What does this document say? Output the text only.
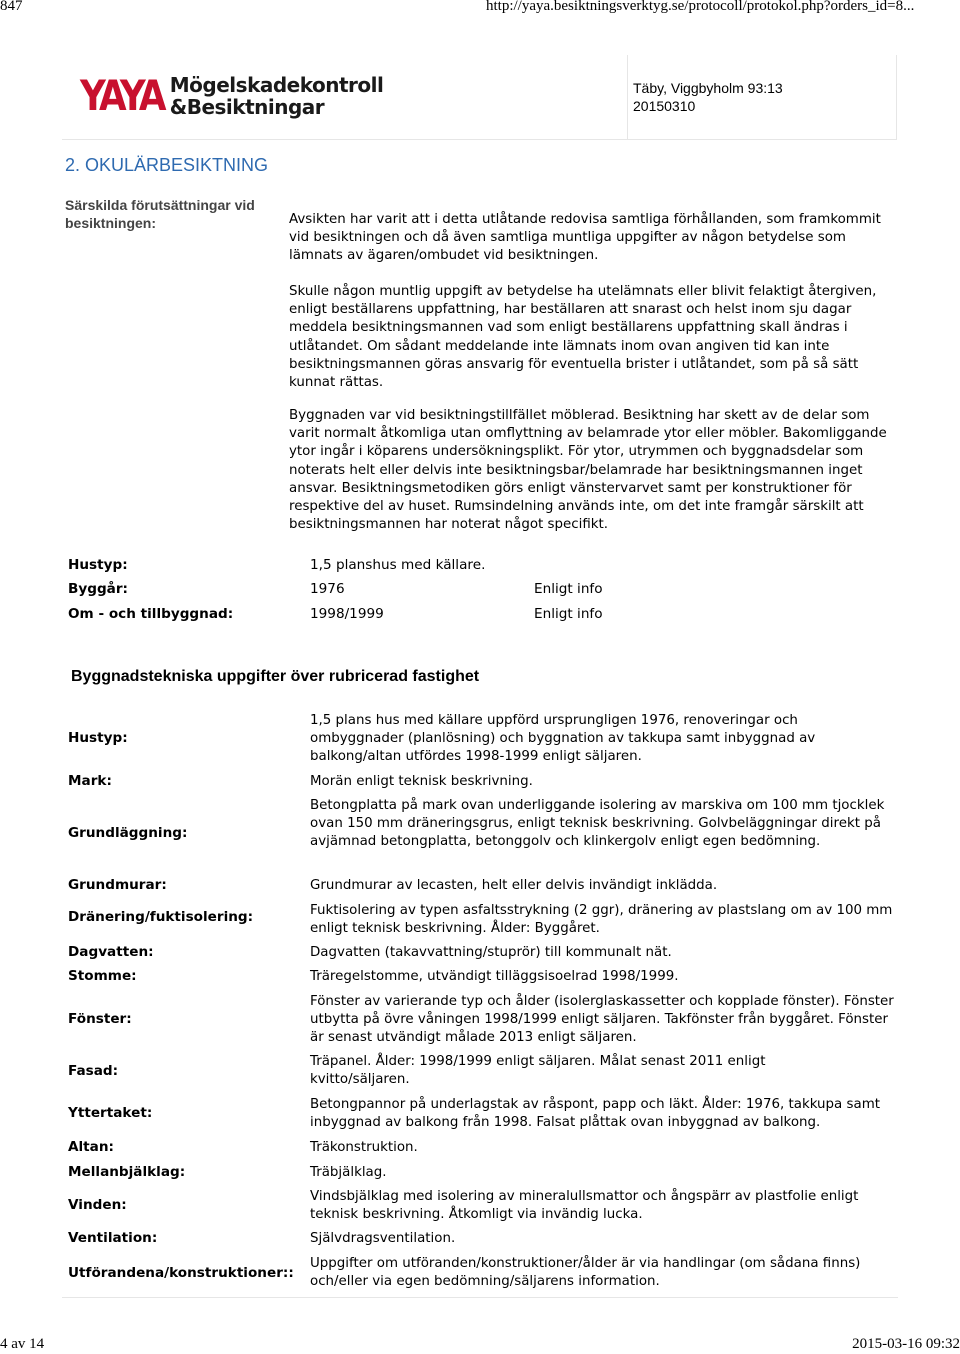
847	http://yaya.besiktningsverktyg.se/protocoll/protokol.php?orders_id=8...
YAYA Mögelskadekontroll
&Besiktningar
Täby, Viggbyholm 93:13
20150310
2. OKULÄRBESIKTNING
Särskilda förutsättningar vid besiktningen:	Avsikten har varit att i detta utlåtande redovisa samtliga förhållanden, som framkommit vid besiktningen och då även samtliga muntliga uppgifter av någon betydelse som lämnats av ägaren/ombudet vid besiktningen.
Skulle någon muntlig uppgift av betydelse ha utelämnats eller blivit felaktigt återgiven, enligt beställarens uppfattning, har beställaren att snarast och helst inom sju dagar meddela besiktningsmannen vad som enligt beställarens uppfattning skall ändras i utlåtandet. Om sådant meddelande inte lämnats inom ovan angiven tid kan inte besiktningsmannen göras ansvarig för eventuella brister i utlåtandet, som på så sätt kunnat rättas.
Byggnaden var vid besiktningstillfället möblerad. Besiktning har skett av de delar som varit normalt åtkomliga utan omflyttning av belamrade ytor eller möbler. Bakomliggande ytor ingår i köparens undersökningsplikt. För ytor, utrymmen och byggnadsdelar som noterats helt eller delvis inte besiktningsbar/belamrade har besiktningsmannen inget ansvar. Besiktningsmetodiken görs enligt vänstervarvet samt per konstruktioner för respektive del av huset. Rumsindelning används inte, om det inte framgår särskilt att besiktningsmannen har noterat något specifikt.
Hustyp:	1,5 planshus med källare.
Byggår:	1976	Enligt info
Om - och tillbyggnad:	1998/1999	Enligt info
Byggnadstekniska uppgifter över rubricerad fastighet
Hustyp:
1,5 plans hus med källare uppförd ursprungligen 1976, renoveringar och ombyggnader (planlösning) och byggnation av takkupa samt inbyggnad av balkong/altan utfördes 1998-1999 enligt säljaren.
Mark:	Morän enligt teknisk beskrivning.
Grundläggning:
Betongplatta på mark ovan underliggande isolering av marskiva om 100 mm tjocklek ovan 150 mm dräneringsgrus, enligt teknisk beskrivning. Golvbeläggningar direkt på avjämnad betongplatta, betonggolv och klinkergolv enligt egen bedömning.
Grundmurar:	Grundmurar av lecasten, helt eller delvis invändigt inklädda.
Dränering/fuktisolering:	Fuktisolering av typen asfaltsstrykning (2 ggr), dränering av plastslang om av 100 mm enligt teknisk beskrivning. Ålder: Byggåret.
Dagvatten:	Dagvatten (takavvattning/stuprör) till kommunalt nät.
Stomme:	Träregelstomme, utvändigt tilläggsisoelrad 1998/1999.
Fönster:
Fönster av varierande typ och ålder (isolerglaskassetter och kopplade fönster). Fönster utbytta på övre våningen 1998/1999 enligt säljaren. Takfönster från byggåret. Fönster är senast utvändigt målade 2013 enligt säljaren.
Fasad:
Träpanel. Ålder: 1998/1999 enligt säljaren. Målat senast 2011 enligt kvitto/säljaren.
Yttertaket:
Betongpannor på underlagstak av råspont, papp och läkt. Ålder: 1976, takkupa samt inbyggnad av balkong från 1998. Falsat plåttak ovan inbyggnad av balkong.
Altan:	Träkonstruktion.
Mellanbjälklag:	Träbjälklag.
Vinden:
Vindsbjälklag med isolering av mineralullsmattor och ångspärr av plastfolie enligt teknisk beskrivning. Åtkomligt via invändig lucka.
Ventilation:	Självdragsventilation.
Utförandena/konstruktioner::
Uppgifter om utföranden/konstruktioner/ålder är via handlingar (om sådana finns) och/eller via egen bedömning/säljarens information.
4 av 14	2015-03-16 09:32
